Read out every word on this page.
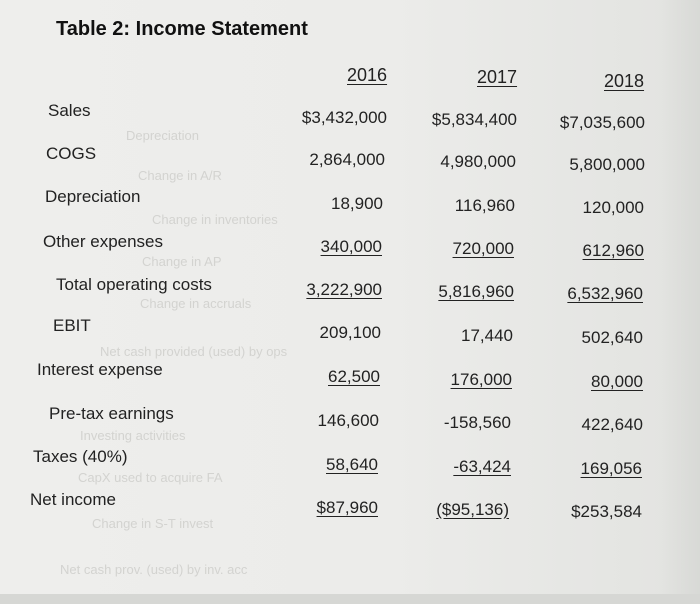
Depreciation
Change in A/R
Change in inventories
Change in AP
Change in accruals
Net cash provided (used) by ops
Investing activities
CapX used to acquire FA
Change in S-T invest
Net cash prov. (used) by inv. acc
Table 2: Income Statement
2016	2017	2018
Sales	$3,432,000	$5,834,400	$7,035,600
COGS	2,864,000	4,980,000	5,800,000
Depreciation	18,900	116,960	120,000
Other expenses	340,000	720,000	612,960
Total operating costs	3,222,900	5,816,960	6,532,960
EBIT	209,100	17,440	502,640
Interest expense	62,500	176,000	80,000
Pre-tax earnings	146,600	-158,560	422,640
Taxes (40%)	58,640	-63,424	169,056
Net income	$87,960	($95,136)	$253,584
